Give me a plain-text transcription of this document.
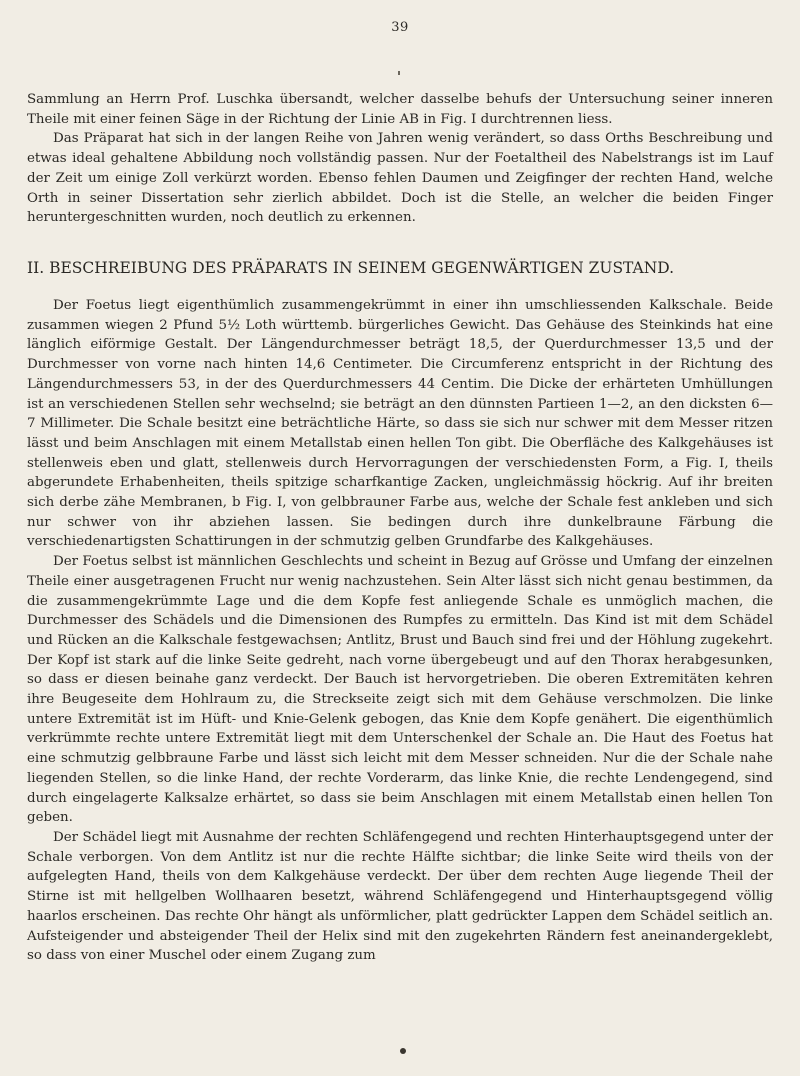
39

Sammlung an Herrn Prof. Luschka übersandt, welcher dasselbe behufs der Untersuchung seiner inneren Theile mit einer feinen Säge in der Richtung der Linie AB in Fig. I durchtrennen liess.

Das Präparat hat sich in der langen Reihe von Jahren wenig verändert, so dass Orths Beschreibung und etwas ideal gehaltene Abbildung noch vollständig passen. Nur der Foetaltheil des Nabelstrangs ist im Lauf der Zeit um einige Zoll verkürzt worden. Ebenso fehlen Daumen und Zeigfinger der rechten Hand, welche Orth in seiner Dissertation sehr zierlich abbildet. Doch ist die Stelle, an welcher die beiden Finger heruntergeschnitten wurden, noch deutlich zu erkennen.

II. BESCHREIBUNG DES PRÄPARATS IN SEINEM GEGENWÄRTIGEN ZUSTAND.

Der Foetus liegt eigenthümlich zusammengekrümmt in einer ihn umschliessenden Kalkschale. Beide zusammen wiegen 2 Pfund 5½ Loth württemb. bürgerliches Gewicht. Das Gehäuse des Steinkinds hat eine länglich eiförmige Gestalt. Der Längendurchmesser beträgt 18,5, der Querdurchmesser 13,5 und der Durchmesser von vorne nach hinten 14,6 Centimeter. Die Circumferenz entspricht in der Richtung des Längendurchmessers 53, in der des Querdurchmessers 44 Centim. Die Dicke der erhärteten Umhüllungen ist an verschiedenen Stellen sehr wechselnd; sie beträgt an den dünnsten Partieen 1—2, an den dicksten 6—7 Millimeter. Die Schale besitzt eine beträchtliche Härte, so dass sie sich nur schwer mit dem Messer ritzen lässt und beim Anschlagen mit einem Metallstab einen hellen Ton gibt. Die Oberfläche des Kalkgehäuses ist stellenweis eben und glatt, stellenweis durch Hervorragungen der verschiedensten Form, a Fig. I, theils abgerundete Erhabenheiten, theils spitzige scharfkantige Zacken, ungleichmässig höckrig. Auf ihr breiten sich derbe zähe Membranen, b Fig. I, von gelbbrauner Farbe aus, welche der Schale fest ankleben und sich nur schwer von ihr abziehen lassen. Sie bedingen durch ihre dunkelbraune Färbung die verschiedenartigsten Schattirungen in der schmutzig gelben Grundfarbe des Kalkgehäuses.

Der Foetus selbst ist männlichen Geschlechts und scheint in Bezug auf Grösse und Umfang der einzelnen Theile einer ausgetragenen Frucht nur wenig nachzustehen. Sein Alter lässt sich nicht genau bestimmen, da die zusammengekrümmte Lage und die dem Kopfe fest anliegende Schale es unmöglich machen, die Durchmesser des Schädels und die Dimensionen des Rumpfes zu ermitteln. Das Kind ist mit dem Schädel und Rücken an die Kalkschale festgewachsen; Antlitz, Brust und Bauch sind frei und der Höhlung zugekehrt. Der Kopf ist stark auf die linke Seite gedreht, nach vorne übergebeugt und auf den Thorax herabgesunken, so dass er diesen beinahe ganz verdeckt. Der Bauch ist hervorgetrieben. Die oberen Extremitäten kehren ihre Beugeseite dem Hohlraum zu, die Streckseite zeigt sich mit dem Gehäuse verschmolzen. Die linke untere Extremität ist im Hüft- und Knie-Gelenk gebogen, das Knie dem Kopfe genähert. Die eigenthümlich verkrümmte rechte untere Extremität liegt mit dem Unterschenkel der Schale an. Die Haut des Foetus hat eine schmutzig gelbbraune Farbe und lässt sich leicht mit dem Messer schneiden. Nur die der Schale nahe liegenden Stellen, so die linke Hand, der rechte Vorderarm, das linke Knie, die rechte Lendengegend, sind durch eingelagerte Kalksalze erhärtet, so dass sie beim Anschlagen mit einem Metallstab einen hellen Ton geben.

Der Schädel liegt mit Ausnahme der rechten Schläfengegend und rechten Hinterhauptsgegend unter der Schale verborgen. Von dem Antlitz ist nur die rechte Hälfte sichtbar; die linke Seite wird theils von der aufgelegten Hand, theils von dem Kalkgehäuse verdeckt. Der über dem rechten Auge liegende Theil der Stirne ist mit hellgelben Wollhaaren besetzt, während Schläfengegend und Hinterhauptsgegend völlig haarlos erscheinen. Das rechte Ohr hängt als unförmlicher, platt gedrückter Lappen dem Schädel seitlich an. Aufsteigender und absteigender Theil der Helix sind mit den zugekehrten Rändern fest aneinandergeklebt, so dass von einer Muschel oder einem Zugang zum
